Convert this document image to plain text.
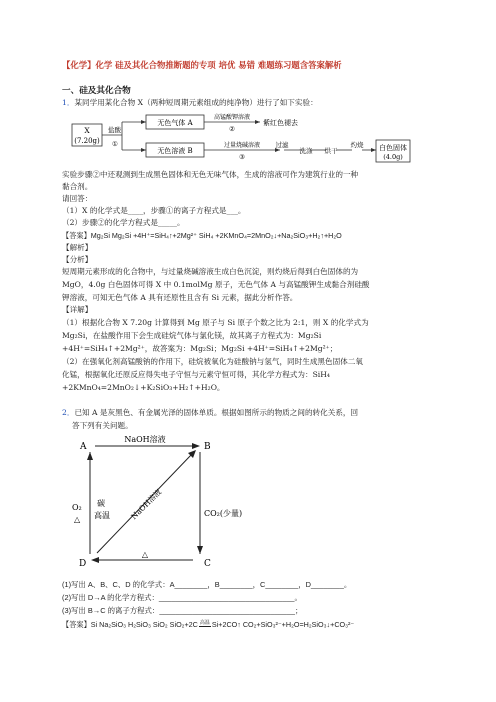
【化学】化学 硅及其化合物推断题的专项 培优 易错 难题练习题含答案解析
一、硅及其化合物
1．某同学用某化合物 X（两种短周期元素组成的纯净物）进行了如下实验：
X
(7.20g)
盐酸
①
无色气体 A
无色溶液 B
高锰酸钾溶液
②
紫红色褪去
过量烧碱溶液
③
过滤
洗涤 烘干
灼烧 白色固体
(4.0g)
实验步骤②中还观测到生成黑色固体和无色无味气体，生成的溶液可作为建筑行业的一种
黏合剂。
请回答：
（1）X 的化学式是____，步骤①的离子方程式是___。
（2）步骤②的化学方程式是_____。
【答案】Mg₂Si Mg₂Si +4H⁺=SiH₄↑+2Mg²⁺ SiH₄ +2KMnO₄=2MnO₂↓+Na₂SiO₃+H₂↑+H₂O
【解析】
【分析】
短周期元素形成的化合物中，与过量烧碱溶液生成白色沉淀，则灼烧后得到白色固体的为
MgO，4.0g 白色固体可得 X 中 0.1molMg 原子，无色气体 A 与高锰酸钾生成黏合剂硅酸
钾溶液，可知无色气体 A 具有还原性且含有 Si 元素，据此分析作答。
【详解】
（1）根据化合物 X 7.20g 计算得到 Mg 原子与 Si 原子个数之比为 2:1，则 X 的化学式为
Mg₂Si，在盐酸作用下会生成硅烷气体与氯化镁，故其离子方程式为：Mg₂Si
+4H⁺=SiH₄↑+2Mg²⁺，故答案为：Mg₂Si；Mg₂Si +4H⁺=SiH₄↑+2Mg²⁺；
（2）在强氧化剂高锰酸钠的作用下，硅烷被氧化为硅酸钠与氢气，同时生成黑色固体二氧
化锰，根据氧化还原反应得失电子守恒与元素守恒可得，其化学方程式为：SiH₄
+2KMnO₄=2MnO₂↓+K₂SiO₃+H₂↑+H₂O。
2．已知 A 是灰黑色、有金属光泽的固体单质。根据如图所示的物质之间的转化关系，回
答下列有关问题。
A	B
C
D
NaOH溶液
NaOH溶液
O₂
△
碳
高温	CO₂(少量)
△
(1)写出 A、B、C、D 的化学式：A________，B________，C________，D________。
(2)写出 D→A 的化学方程式：_________________________________。
(3)写出 B→C 的离子方程式：_________________________________；
【答案】Si Na₂SiO₃ H₂SiO₃ SiO₂ SiO₂+2C 高温 Si+2CO↑ CO₂+SiO₃²⁻+H₂O=H₂SiO₃↓+CO₃²⁻
